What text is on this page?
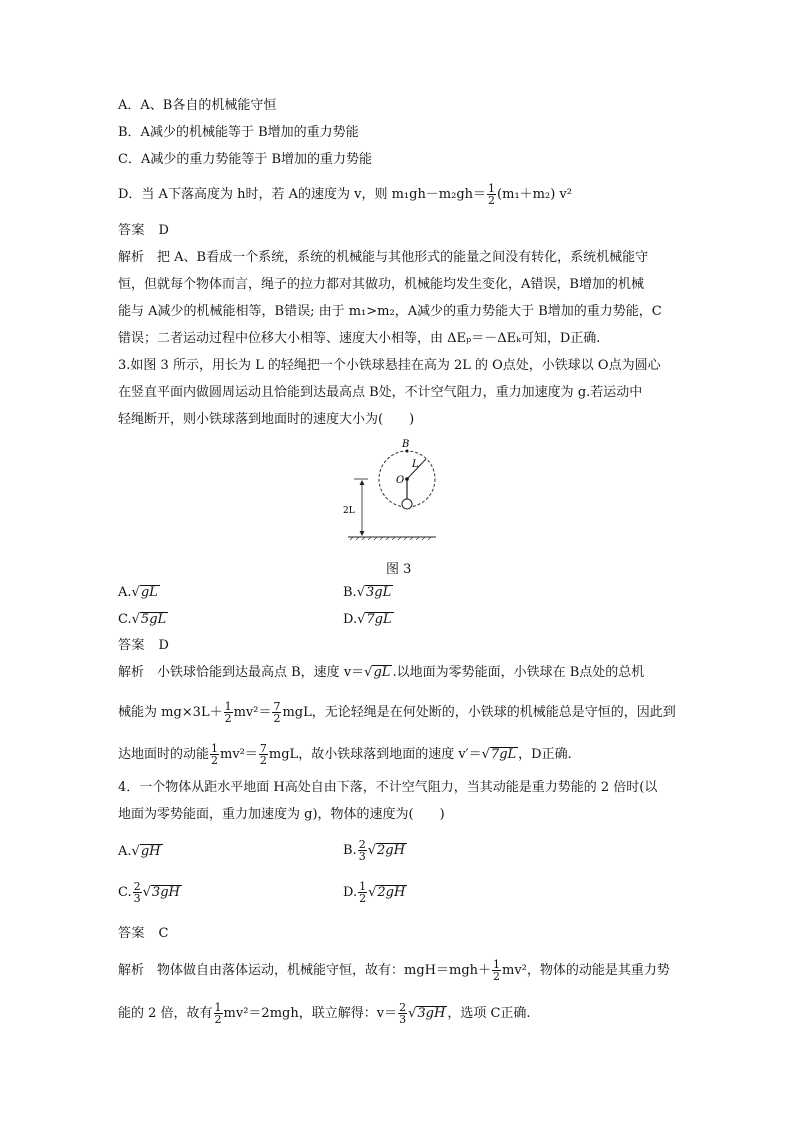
A．A、B各自的机械能守恒
B．A减少的机械能等于 B增加的重力势能
C．A减少的重力势能等于 B增加的重力势能
D．当 A下落高度为 h时，若 A的速度为 v，则 $m_1gh-m_2gh= \frac{1}{2} (m_1+m_2)$ v²
答案　D
解析　把 A、B看成一个系统，系统的机械能与其他形式的能量之间没有转化，系统机械能守
恒，但就每个物体而言，绳子的拉力都对其做功，机械能均发生变化，A错误，B增加的机械
能与 A减少的机械能相等，B错误; 由于 m₁>m₂，A减少的重力势能大于 B增加的重力势能，C
错误；二者运动过程中位移大小相等、速度大小相等，由 ΔEₚ＝－ΔEₖ可知，D正确.
3.如图 3 所示，用长为 L 的轻绳把一个小铁球悬挂在高为 2L 的 O点处，小铁球以 O点为圆心
在竖直平面内做圆周运动且恰能到达最高点 B处，不计空气阻力，重力加速度为 g.若运动中
轻绳断开，则小铁球落到地面时的速度大小为(　　)
B
O
L
2L
图 3
A. √ gL	B. √ 3gL
C. √ 5gL	D. √ 7gL
答案　D
解析　小铁球恰能到达最高点 B，速度 v＝ √ gL .以地面为零势能面，小铁球在 B点处的总机
械能为 $mg\times 3L+ \frac{1}{2} mv^2= \frac{7}{2}$ mgL，无论轻绳是在何处断的，小铁球的机械能总是守恒的，因此到
达地面时的动能 $\frac{1}{2} mv^2= \frac{7}{2}$ mgL，故小铁球落到地面的速度 v′＝ √ 7gL ，D正确.
4．一个物体从距水平地面 H高处自由下落，不计空气阻力，当其动能是重力势能的 2 倍时(以
地面为零势能面，重力加速度为 g)，物体的速度为(　　)
A. √ gH	B. $\frac{2}{3}$ √ 2gH
C. $\frac{2}{3}$ √ 3gH	D. $\frac{1}{2}$ √ 2gH
答案　C
解析　物体做自由落体运动，机械能守恒，故有：$mgH=mgh+ \frac{1}{2} mv^2$，物体的动能是其重力势
能的 2 倍，故有 $\frac{1}{2} mv^2=2mgh$，联立解得：$v= \frac{2}{3}$ √ 3gH ，选项 C正确.
